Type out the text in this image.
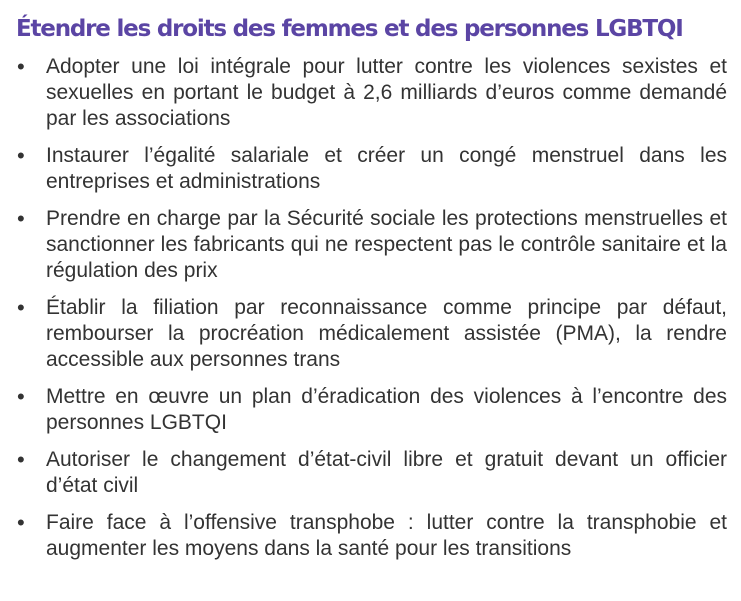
Étendre les droits des femmes et des personnes LGBTQI
• Adopter une loi intégrale pour lutter contre les violences sexistes et sexuelles en portant le budget à 2,6 milliards d’euros comme demandé par les associations
• Instaurer l’égalité salariale et créer un congé menstruel dans les entreprises et administrations
• Prendre en charge par la Sécurité sociale les protections menstruelles et sanctionner les fabricants qui ne respectent pas le contrôle sanitaire et la régulation des prix
• Établir la filiation par reconnaissance comme principe par défaut, rembourser la procréation médicalement assistée (PMA), la rendre accessible aux personnes trans
• Mettre en œuvre un plan d’éradication des violences à l’encontre des personnes LGBTQI
• Autoriser le changement d’état-civil libre et gratuit devant un officier d’état civil
• Faire face à l’offensive transphobe : lutter contre la transphobie et augmenter les moyens dans la santé pour les transitions
